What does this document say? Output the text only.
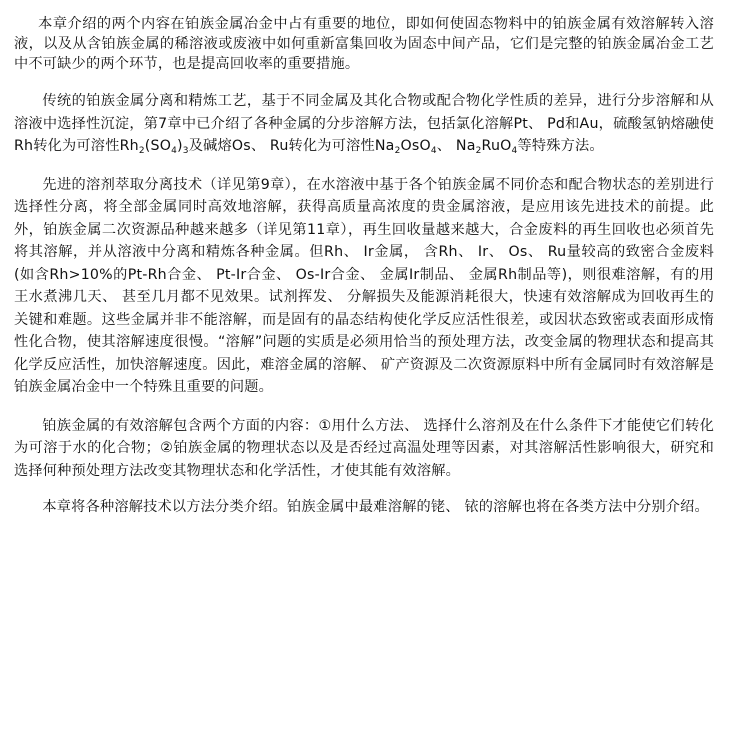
本章介绍的两个内容在铂族金属冶金中占有重要的地位，即如何使固态物料中的铂族金属有效溶解转入溶液，以及从含铂族金属的稀溶液或废液中如何重新富集回收为固态中间产品，它们是完整的铂族金属冶金工艺中不可缺少的两个环节，也是提高回收率的重要措施。

传统的铂族金属分离和精炼工艺，基于不同金属及其化合物或配合物化学性质的差异，进行分步溶解和从溶液中选择性沉淀，第7章中已介绍了各种金属的分步溶解方法，包括氯化溶解Pt、 Pd和Au，硫酸氢钠熔融使Rh转化为可溶性$Rh_2(SO_4)_3$及碱熔Os、 Ru转化为可溶性$Na_2OsO_4$、 $Na_2RuO_4$等特殊方法。

先进的溶剂萃取分离技术（详见第9章），在水溶液中基于各个铂族金属不同价态和配合物状态的差别进行选择性分离，将全部金属同时高效地溶解，获得高质量高浓度的贵金属溶液，是应用该先进技术的前提。此外，铂族金属二次资源品种越来越多（详见第11章），再生回收量越来越大，合金废料的再生回收也必须首先将其溶解，并从溶液中分离和精炼各种金属。但Rh、 Ir金属， 含Rh、 Ir、 Os、 Ru量较高的致密合金废料(如含Rh>10%的Pt-Rh合金、 Pt-Ir合金、 Os-Ir合金、 金属Ir制品、 金属Rh制品等)，则很难溶解，有的用王水煮沸几天、 甚至几月都不见效果。试剂挥发、 分解损失及能源消耗很大，快速有效溶解成为回收再生的关键和难题。这些金属并非不能溶解，而是固有的晶态结构使化学反应活性很差，或因状态致密或表面形成惰性化合物，使其溶解速度很慢。“溶解”问题的实质是必须用恰当的预处理方法，改变金属的物理状态和提高其化学反应活性，加快溶解速度。因此，难溶金属的溶解、 矿产资源及二次资源原料中所有金属同时有效溶解是铂族金属冶金中一个特殊且重要的问题。

铂族金属的有效溶解包含两个方面的内容：①用什么方法、 选择什么溶剂及在什么条件下才能使它们转化为可溶于水的化合物；②铂族金属的物理状态以及是否经过高温处理等因素，对其溶解活性影响很大，研究和选择何种预处理方法改变其物理状态和化学活性，才使其能有效溶解。

本章将各种溶解技术以方法分类介绍。铂族金属中最难溶解的铑、 铱的溶解也将在各类方法中分别介绍。
